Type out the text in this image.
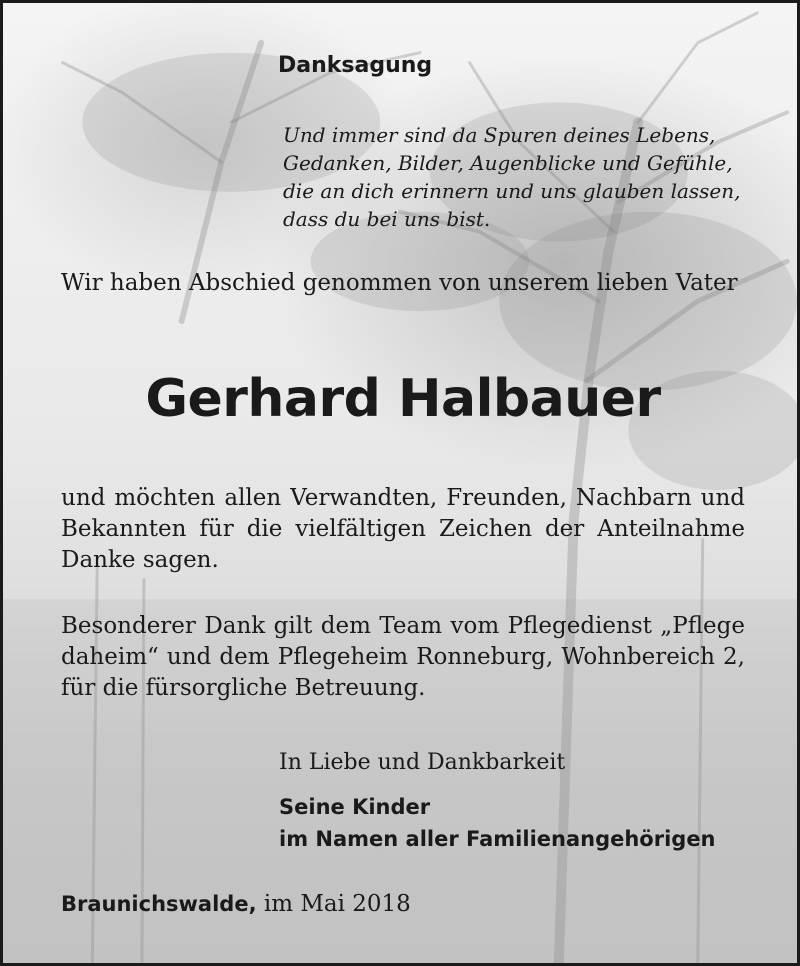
Danksagung
Und immer sind da Spuren deines Lebens,
Gedanken, Bilder, Augenblicke und Gefühle,
die an dich erinnern und uns glauben lassen,
dass du bei uns bist.
Wir haben Abschied genommen von unserem lieben Vater
Gerhard Halbauer
und möchten allen Verwandten, Freunden, Nachbarn und Bekannten für die vielfältigen Zeichen der Anteilnahme Danke sagen.
Besonderer Dank gilt dem Team vom Pflegedienst „Pflege daheim“ und dem Pflegeheim Ronneburg, Wohnbereich 2, für die fürsorgliche Betreuung.
In Liebe und Dankbarkeit
Seine Kinder
im Namen aller Familienangehörigen
Braunichswalde, im Mai 2018
